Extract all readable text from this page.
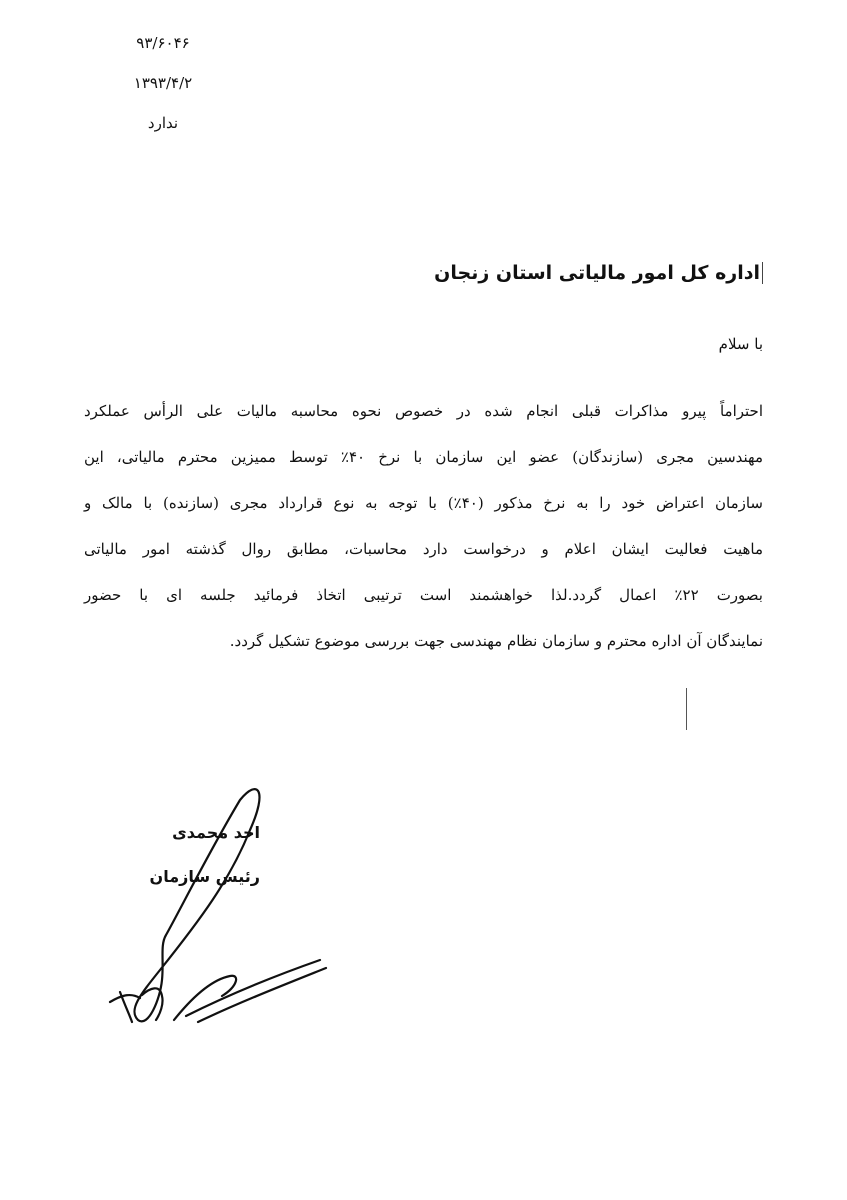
۹۳/۶۰۴۶
۱۳۹۳/۴/۲
ندارد
اداره کل امور مالیاتی استان زنجان
با سلام
احتراماً پیرو مذاکرات قبلی انجام شده در خصوص نحوه محاسبه مالیات علی الرأس عملکرد
مهندسین مجری (سازندگان) عضو این سازمان با نرخ ۴۰٪ توسط ممیزین محترم مالیاتی، این
سازمان اعتراض خود را به نرخ مذکور (۴۰٪) با توجه به نوع قرارداد مجری (سازنده) با مالک و
ماهیت فعالیت ایشان اعلام و درخواست دارد محاسبات، مطابق روال گذشته امور مالیاتی
بصورت ۲۲٪ اعمال گردد.لذا خواهشمند است ترتیبی اتخاذ فرمائید جلسه ای با حضور
نمایندگان آن اداره محترم و سازمان نظام مهندسی جهت بررسی موضوع تشکیل گردد.
احد محمدی
رئیس سازمان
